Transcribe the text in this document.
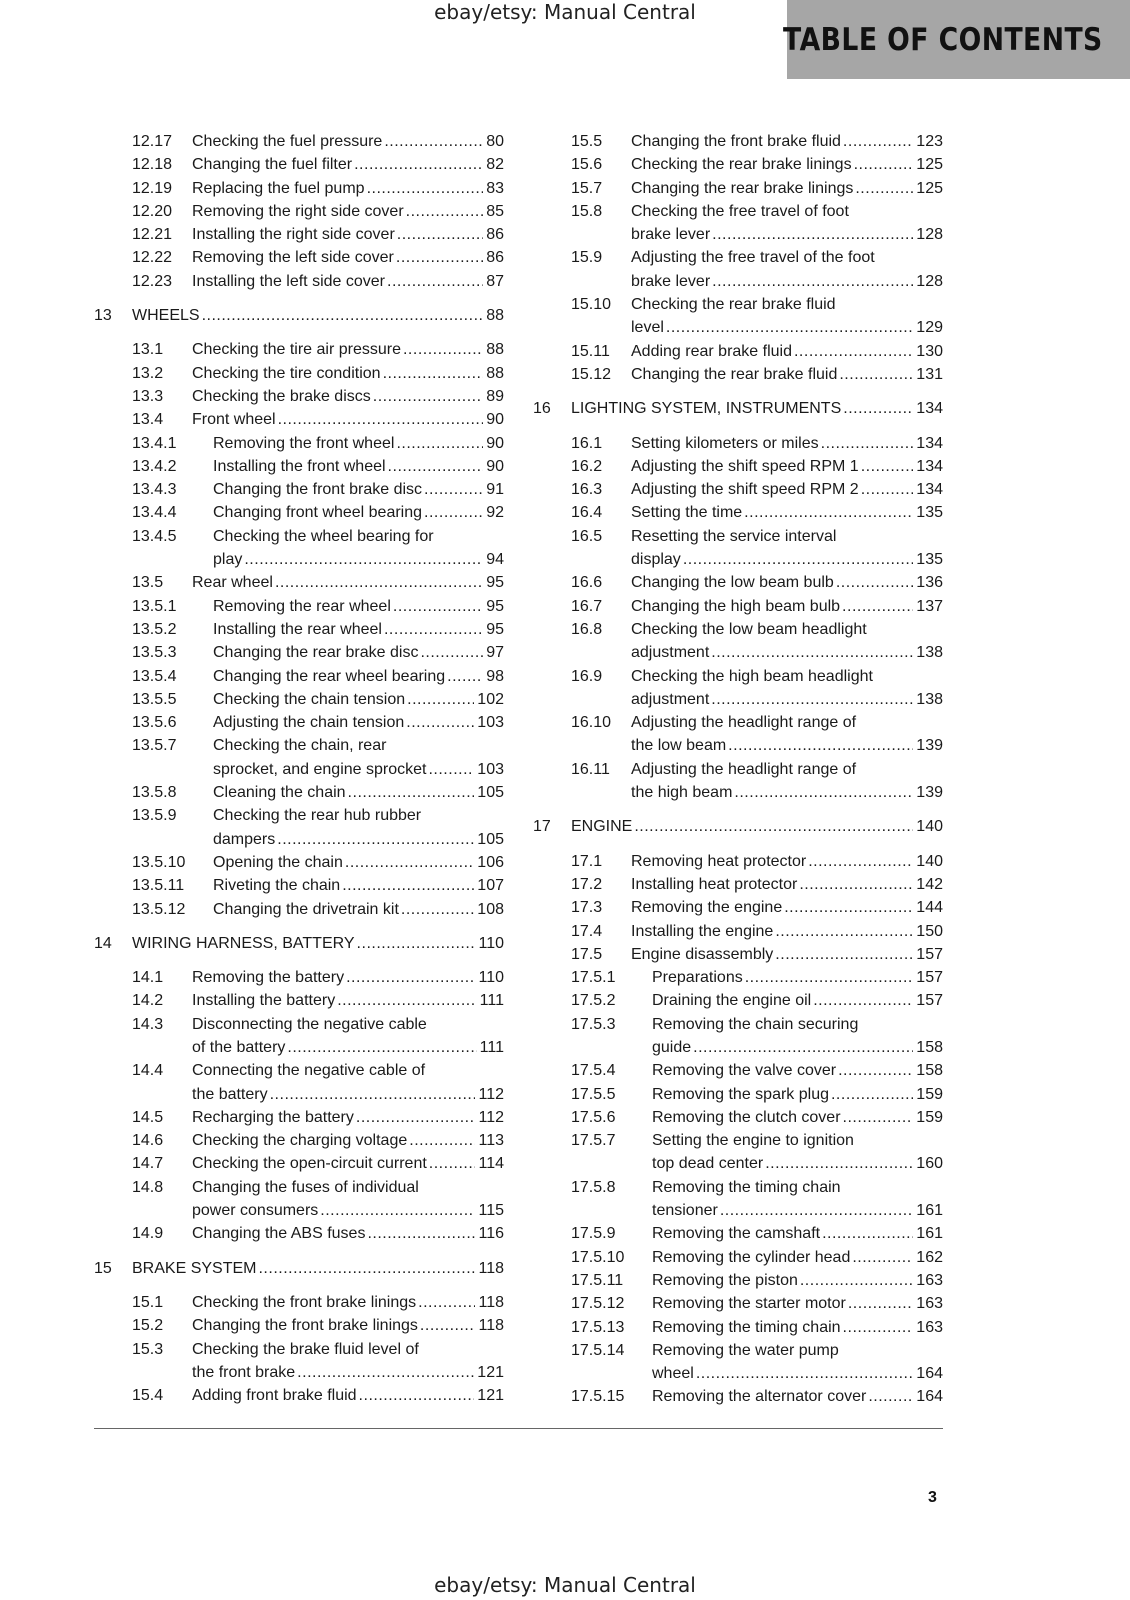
ebay/etsy: Manual Central
TABLE OF CONTENTS
12.17 Checking the fuel pressure .....	80
12.18 Changing the fuel filter .....	82
12.19 Replacing the fuel pump .....	83
12.20 Removing the right side cover .....	85
12.21 Installing the right side cover .....	86
12.22 Removing the left side cover .....	86
12.23 Installing the left side cover .....	87
13 WHEELS .....	88
13.1 Checking the tire air pressure .....	88
13.2 Checking the tire condition .....	88
13.3 Checking the brake discs .....	89
13.4 Front wheel .....	90
13.4.1 Removing the front wheel .....	90
13.4.2 Installing the front wheel .....	90
13.4.3 Changing the front brake disc .....	91
13.4.4 Changing front wheel bearing .....	92
13.4.5 Checking the wheel bearing for
play .....	94
13.5 Rear wheel .....	95
13.5.1 Removing the rear wheel .....	95
13.5.2 Installing the rear wheel .....	95
13.5.3 Changing the rear brake disc .....	97
13.5.4 Changing the rear wheel bearing .....	98
13.5.5 Checking the chain tension .....	102
13.5.6 Adjusting the chain tension .....	103
13.5.7 Checking the chain, rear
sprocket, and engine sprocket .....	103
13.5.8 Cleaning the chain .....	105
13.5.9 Checking the rear hub rubber
dampers .....	105
13.5.10 Opening the chain .....	106
13.5.11 Riveting the chain .....	107
13.5.12 Changing the drivetrain kit .....	108
14 WIRING HARNESS, BATTERY .....	110
14.1 Removing the battery .....	110
14.2 Installing the battery .....	111
14.3 Disconnecting the negative cable
of the battery .....	111
14.4 Connecting the negative cable of
the battery .....	112
14.5 Recharging the battery .....	112
14.6 Checking the charging voltage .....	113
14.7 Checking the open-circuit current .....	114
14.8 Changing the fuses of individual
power consumers .....	115
14.9 Changing the ABS fuses .....	116
15 BRAKE SYSTEM .....	118
15.1 Checking the front brake linings .....	118
15.2 Changing the front brake linings .....	118
15.3 Checking the brake fluid level of
the front brake .....	121
15.4 Adding front brake fluid .....	121
15.5 Changing the front brake fluid .....	123
15.6 Checking the rear brake linings .....	125
15.7 Changing the rear brake linings .....	125
15.8 Checking the free travel of foot
brake lever .....	128
15.9 Adjusting the free travel of the foot
brake lever .....	128
15.10 Checking the rear brake fluid
level .....	129
15.11 Adding rear brake fluid .....	130
15.12 Changing the rear brake fluid .....	131
16 LIGHTING SYSTEM, INSTRUMENTS .....	134
16.1 Setting kilometers or miles .....	134
16.2 Adjusting the shift speed RPM 1 .....	134
16.3 Adjusting the shift speed RPM 2 .....	134
16.4 Setting the time .....	135
16.5 Resetting the service interval
display .....	135
16.6 Changing the low beam bulb .....	136
16.7 Changing the high beam bulb .....	137
16.8 Checking the low beam headlight
adjustment .....	138
16.9 Checking the high beam headlight
adjustment .....	138
16.10 Adjusting the headlight range of
the low beam .....	139
16.11 Adjusting the headlight range of
the high beam .....	139
17 ENGINE .....	140
17.1 Removing heat protector .....	140
17.2 Installing heat protector .....	142
17.3 Removing the engine .....	144
17.4 Installing the engine .....	150
17.5 Engine disassembly .....	157
17.5.1 Preparations .....	157
17.5.2 Draining the engine oil .....	157
17.5.3 Removing the chain securing
guide .....	158
17.5.4 Removing the valve cover .....	158
17.5.5 Removing the spark plug .....	159
17.5.6 Removing the clutch cover .....	159
17.5.7 Setting the engine to ignition
top dead center .....	160
17.5.8 Removing the timing chain
tensioner .....	161
17.5.9 Removing the camshaft .....	161
17.5.10 Removing the cylinder head .....	162
17.5.11 Removing the piston .....	163
17.5.12 Removing the starter motor .....	163
17.5.13 Removing the timing chain .....	163
17.5.14 Removing the water pump
wheel .....	164
17.5.15 Removing the alternator cover .....	164
3
ebay/etsy: Manual Central
